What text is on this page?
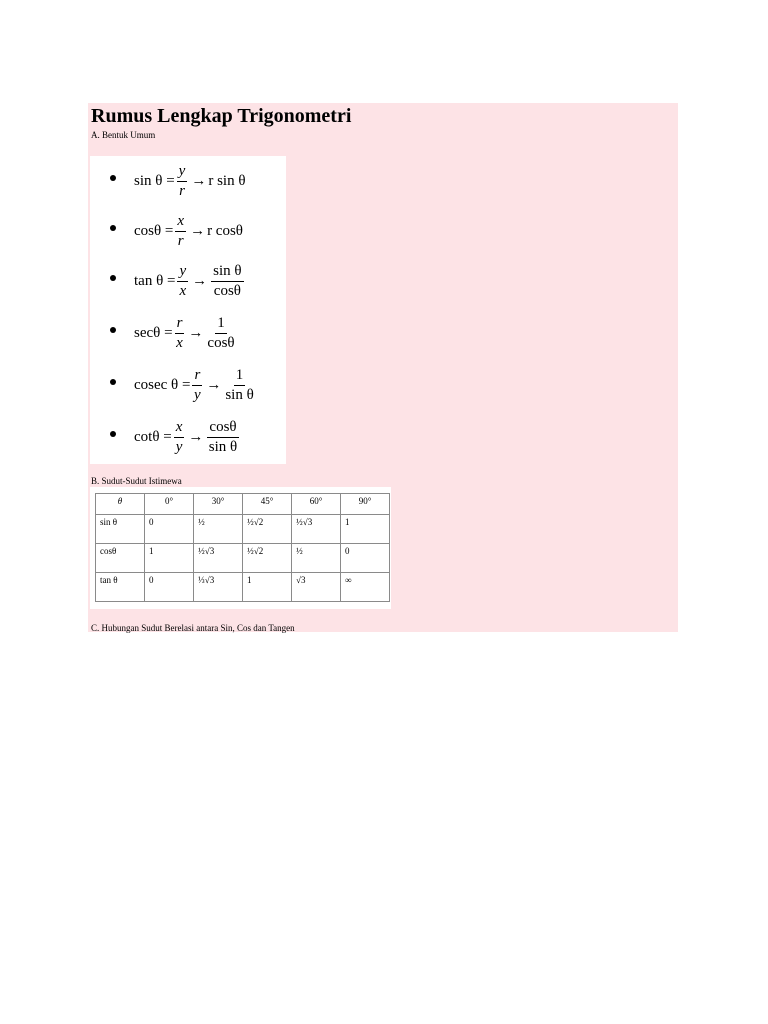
Rumus Lengkap Trigonometri
A. Bentuk Umum
$\sin \theta = \frac{y}{r} \to r$ sin θ
$\cos\theta = \frac{x}{r} \to r$ cosθ
$\tan \theta = \frac{y}{x} \to \frac{\text{sin θ}}{\cos\theta}$
$\sec\theta = \frac{r}{x} \to \frac{1}{\cos\theta}$
cosec $\theta = \frac{r}{y} \to \frac{1}{\text{sin θ}}$
$\cot\theta = \frac{x}{y} \to \frac{\cos\theta}{\text{sin θ}}$
B. Sudut-Sudut Istimewa
θ	0°	30°	45°	60°	90°
sin θ	0	½	½√2	½√3	1
cosθ	1	½√3	½√2	½	0
tan θ	0	⅓√3	1	√3	∞
C. Hubungan Sudut Berelasi antara Sin, Cos dan Tangen
